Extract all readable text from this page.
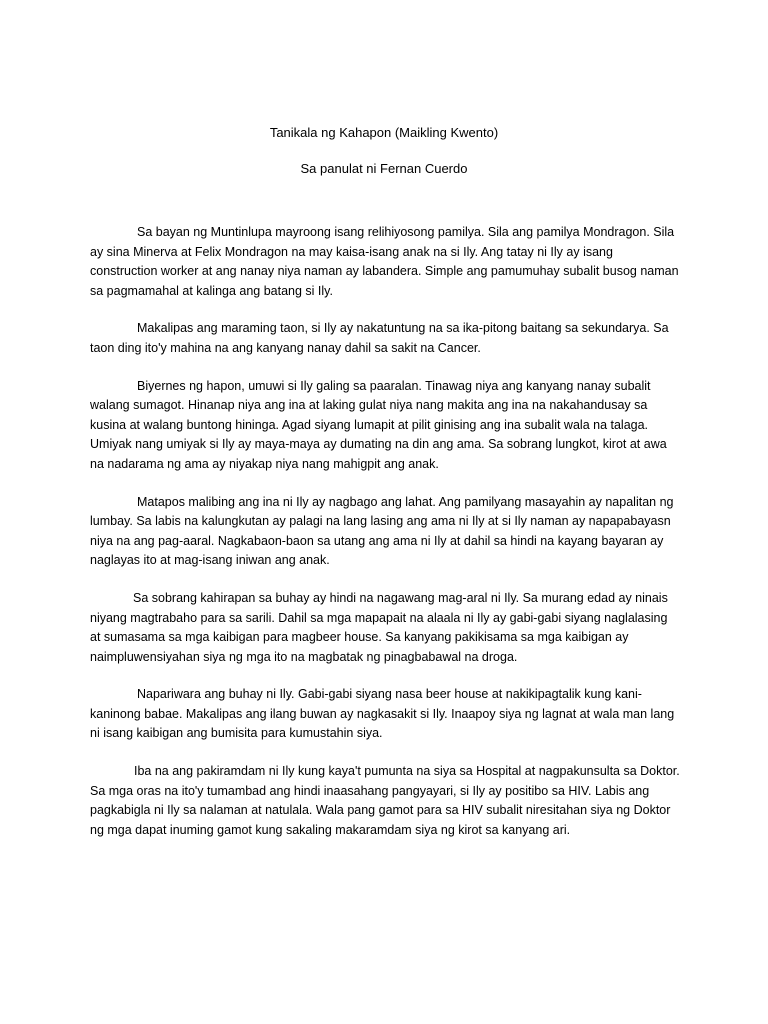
Tanikala ng Kahapon (Maikling Kwento)

Sa panulat ni Fernan Cuerdo

Sa bayan ng Muntinlupa mayroong isang relihiyosong pamilya. Sila ang pamilya Mondragon. Sila ay sina Minerva at Felix Mondragon na may kaisa-isang anak na si Ily. Ang tatay ni Ily ay isang construction worker at ang nanay niya naman ay labandera. Simple ang pamumuhay subalit busog naman sa pagmamahal at kalinga ang batang si Ily.

Makalipas ang maraming taon, si Ily ay nakatuntung na sa ika-pitong baitang sa sekundarya. Sa taon ding ito'y mahina na ang kanyang nanay dahil sa sakit na Cancer.

Biyernes ng hapon, umuwi si Ily galing sa paaralan. Tinawag niya ang kanyang nanay subalit walang sumagot. Hinanap niya ang ina at laking gulat niya nang makita ang ina na nakahandusay sa kusina at walang buntong hininga. Agad siyang lumapit at pilit ginising ang ina subalit wala na talaga. Umiyak nang umiyak si Ily ay maya-maya ay dumating na din ang ama. Sa sobrang lungkot, kirot at awa na nadarama ng ama ay niyakap niya nang mahigpit ang anak.

Matapos malibing ang ina ni Ily ay nagbago ang lahat. Ang pamilyang masayahin ay napalitan ng lumbay. Sa labis na kalungkutan ay palagi na lang lasing ang ama ni Ily at si Ily naman ay napapabayasn niya na ang pag-aaral. Nagkabaon-baon sa utang ang ama ni Ily at dahil sa hindi na kayang bayaran ay naglayas ito at mag-isang iniwan ang anak.

Sa sobrang kahirapan sa buhay ay hindi na nagawang mag-aral ni Ily. Sa murang edad ay ninais niyang magtrabaho para sa sarili. Dahil sa mga mapapait na alaala ni Ily ay gabi-gabi siyang naglalasing at sumasama sa mga kaibigan para magbeer house. Sa kanyang pakikisama sa mga kaibigan ay naimpluwensiyahan siya ng mga ito na magbatak ng pinagbabawal na droga.

Napariwara ang buhay ni Ily. Gabi-gabi siyang nasa beer house at nakikipagtalik kung kani-kaninong babae. Makalipas ang ilang buwan ay nagkasakit si Ily. Inaapoy siya ng lagnat at wala man lang ni isang kaibigan ang bumisita para kumustahin siya.

Iba na ang pakiramdam ni Ily kung kaya't pumunta na siya sa Hospital at nagpakunsulta sa Doktor. Sa mga oras na ito'y tumambad ang hindi inaasahang pangyayari, si Ily ay positibo sa HIV. Labis ang pagkabigla ni Ily sa nalaman at natulala. Wala pang gamot para sa HIV subalit niresitahan siya ng Doktor ng mga dapat inuming gamot kung sakaling makaramdam siya ng kirot sa kanyang ari.
